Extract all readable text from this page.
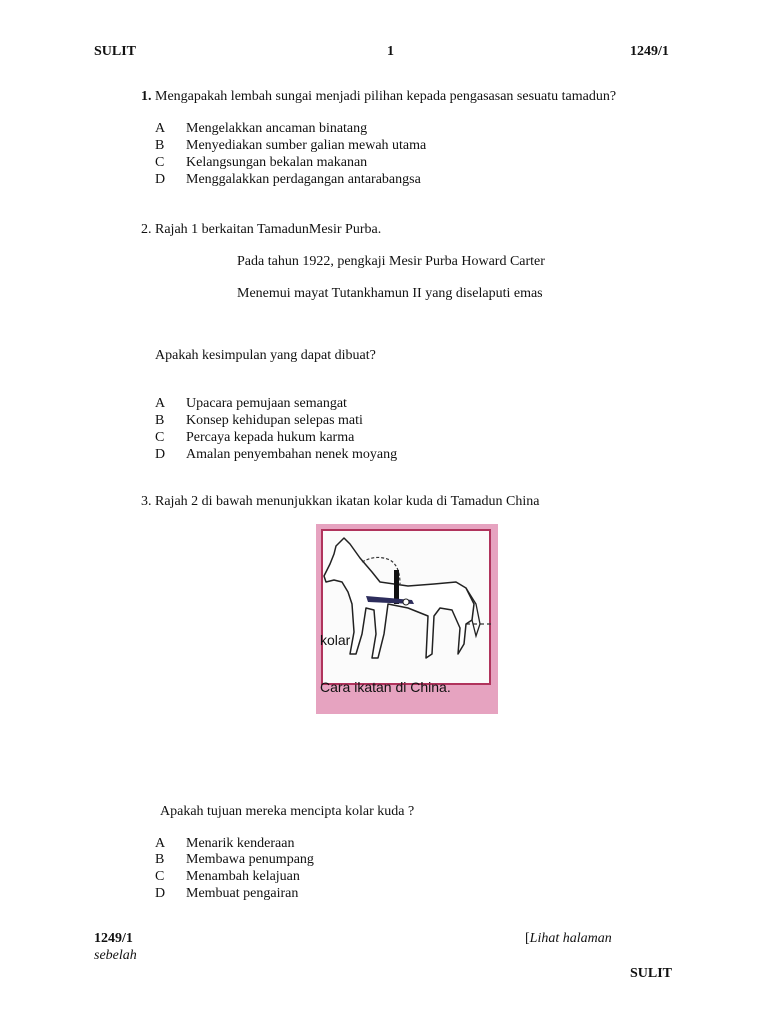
SULIT	1	1249/1
1. Mengapakah lembah sungai menjadi pilihan kepada pengasasan sesuatu tamadun?
A Mengelakkan ancaman binatang
B Menyediakan sumber galian mewah utama
C Kelangsungan bekalan makanan
D Menggalakkan perdagangan antarabangsa
2. Rajah 1 berkaitan TamadunMesir Purba.
Pada tahun 1922, pengkaji Mesir Purba Howard Carter
Menemui mayat Tutankhamun II yang diselaputi emas
Apakah kesimpulan yang dapat dibuat?
A Upacara pemujaan semangat
B Konsep kehidupan selepas mati
C Percaya kepada hukum karma
D Amalan penyembahan nenek moyang
3. Rajah 2 di bawah menunjukkan ikatan kolar kuda di Tamadun China
kolar
Cara ikatan di China.
Apakah tujuan mereka mencipta kolar kuda ?
A Menarik kenderaan
B Membawa penumpang
C Menambah kelajuan
D Membuat pengairan
1249/1	[Lihat halaman
sebelah
SULIT
